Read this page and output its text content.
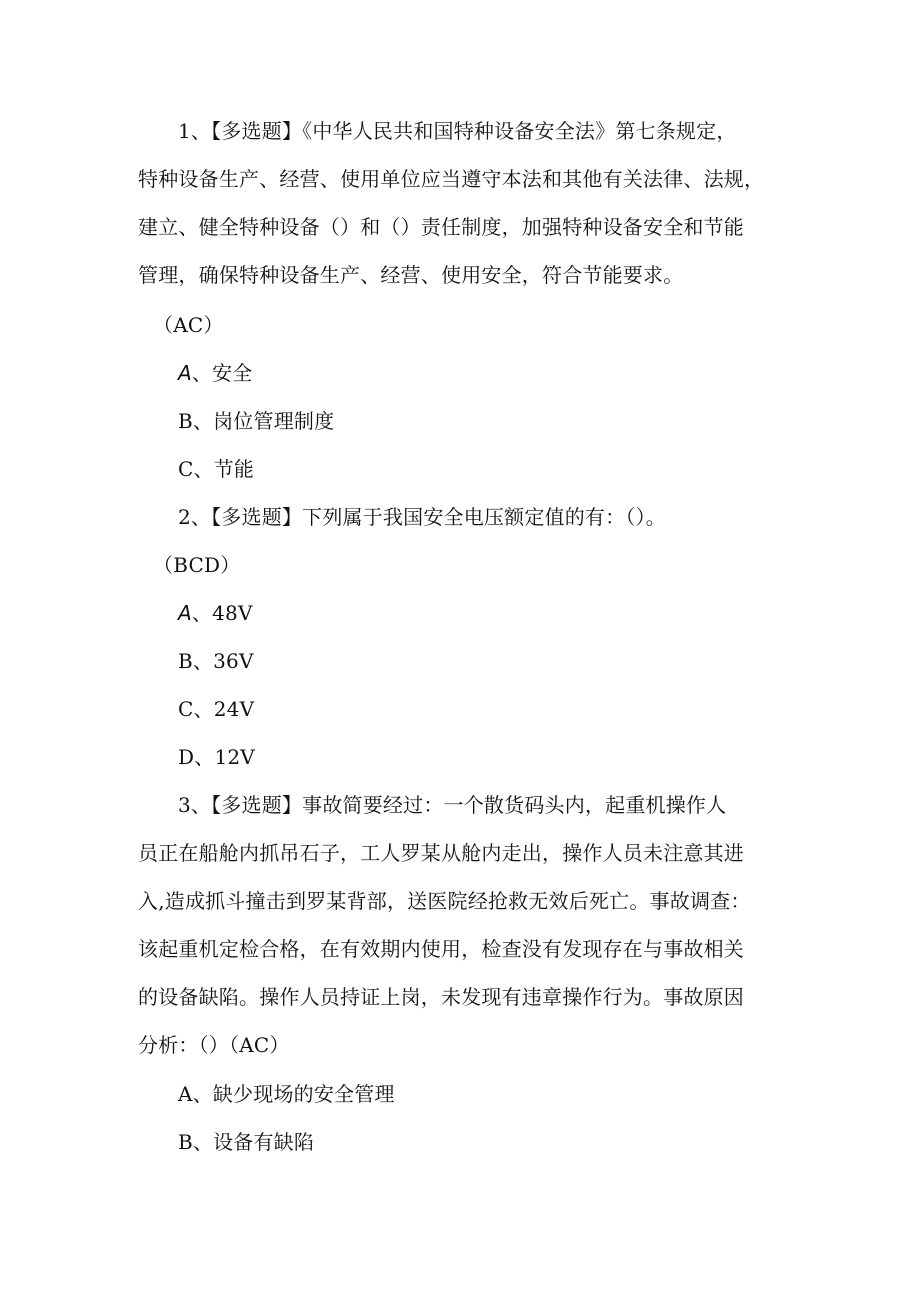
1、【多选题】《中华人民共和国特种设备安全法》第七条规定，
特种设备生产、经营、使用单位应当遵守本法和其他有关法律、法规，
建立、健全特种设备（）和（）责任制度，加强特种设备安全和节能
管理，确保特种设备生产、经营、使用安全，符合节能要求。
（AC）
A、安全
B、岗位管理制度
C、节能
2、【多选题】下列属于我国安全电压额定值的有：（）。
（BCD）
A、48V
B、36V
C、24V
D、12V
3、【多选题】事故简要经过：一个散货码头内，起重机操作人
员正在船舱内抓吊石子，工人罗某从舱内走出，操作人员未注意其进
入,造成抓斗撞击到罗某背部，送医院经抢救无效后死亡。事故调查：
该起重机定检合格，在有效期内使用，检查没有发现存在与事故相关
的设备缺陷。操作人员持证上岗，未发现有违章操作行为。事故原因
分析：（）（AC）
A、缺少现场的安全管理
B、设备有缺陷
